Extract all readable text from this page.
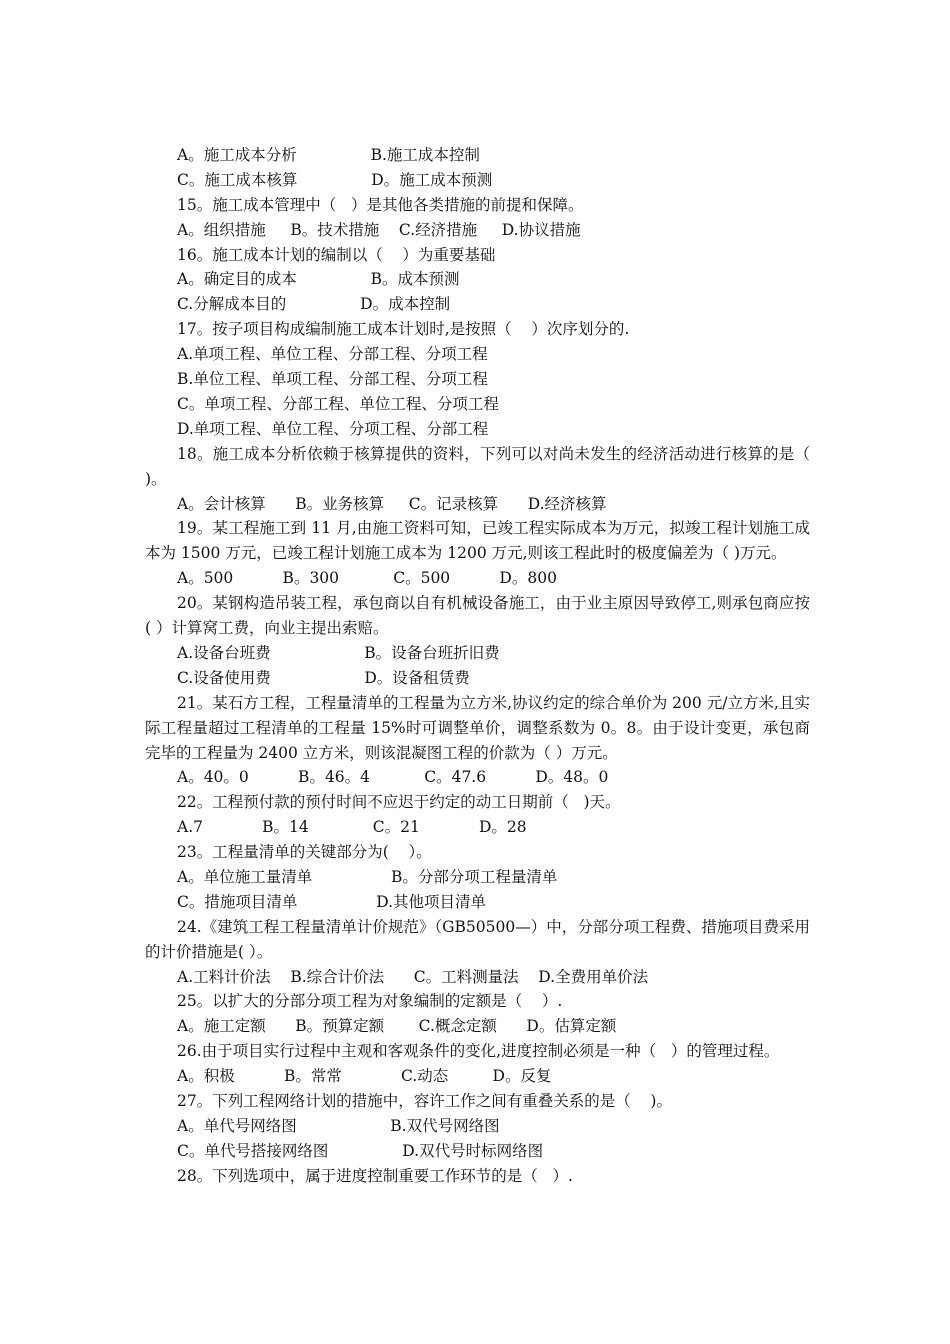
A。施工成本分析               B.施工成本控制
C。施工成本核算               D。施工成本预测
15。施工成本管理中（   ）是其他各类措施的前提和保障。
A。组织措施     B。技术措施    C.经济措施     D.协议措施
16。施工成本计划的编制以（    ）为重要基础
A。确定目的成本               B。成本预测
C.分解成本目的               D。成本控制
17。按子项目构成编制施工成本计划时,是按照（    ）次序划分的.
A.单项工程、单位工程、分部工程、分项工程
B.单位工程、单项工程、分部工程、分项工程
C。单项工程、分部工程、单位工程、分项工程
D.单项工程、单位工程、分项工程、分部工程
18。施工成本分析依赖于核算提供的资料，下列可以对尚未发生的经济活动进行核算的是（ )。
A。会计核算      B。业务核算     C。记录核算      D.经济核算
19。某工程施工到 11 月,由施工资料可知，已竣工程实际成本为万元，拟竣工程计划施工成本为 1500 万元，已竣工程计划施工成本为 1200 万元,则该工程此时的极度偏差为（ )万元。
A。500          B。300           C。500          D。800
20。某钢构造吊装工程，承包商以自有机械设备施工，由于业主原因导致停工,则承包商应按( ）计算窝工费，向业主提出索赔。
A.设备台班费                   B。设备台班折旧费
C.设备使用费                   D。设备租赁费
21。某石方工程，工程量清单的工程量为立方米,协议约定的综合单价为 200 元/立方米,且实际工程量超过工程清单的工程量 15%时可调整单价，调整系数为 0。8。由于设计变更，承包商完毕的工程量为 2400 立方米，则该混凝图工程的价款为（ ）万元。
A。40。0          B。46。4           C。47.6          D。48。0
22。工程预付款的预付时间不应迟于约定的动工日期前（   )天。
A.7            B。14             C。21            D。28
23。工程量清单的关键部分为(    ）。
A。单位施工量清单                B。分部分项工程量清单
C。措施项目清单                D.其他项目清单
24.《建筑工程工程量清单计价规范》（GB50500—）中，分部分项工程费、措施项目费采用的计价措施是( ）。
A.工料计价法    B.综合计价法      C。工料测量法    D.全费用单价法
25。以扩大的分部分项工程为对象编制的定额是（    ）.
A。施工定额      B。预算定额       C.概念定额      D。估算定额
26.由于项目实行过程中主观和客观条件的变化,进度控制必须是一种（   ）的管理过程。
A。积极          B。常常            C.动态         D。反复
27。下列工程网络计划的措施中，容许工作之间有重叠关系的是（    )。
A。单代号网络图                   B.双代号网络图
C。单代号搭接网络图               D.双代号时标网络图
28。下列选项中，属于进度控制重要工作环节的是（   ）.
